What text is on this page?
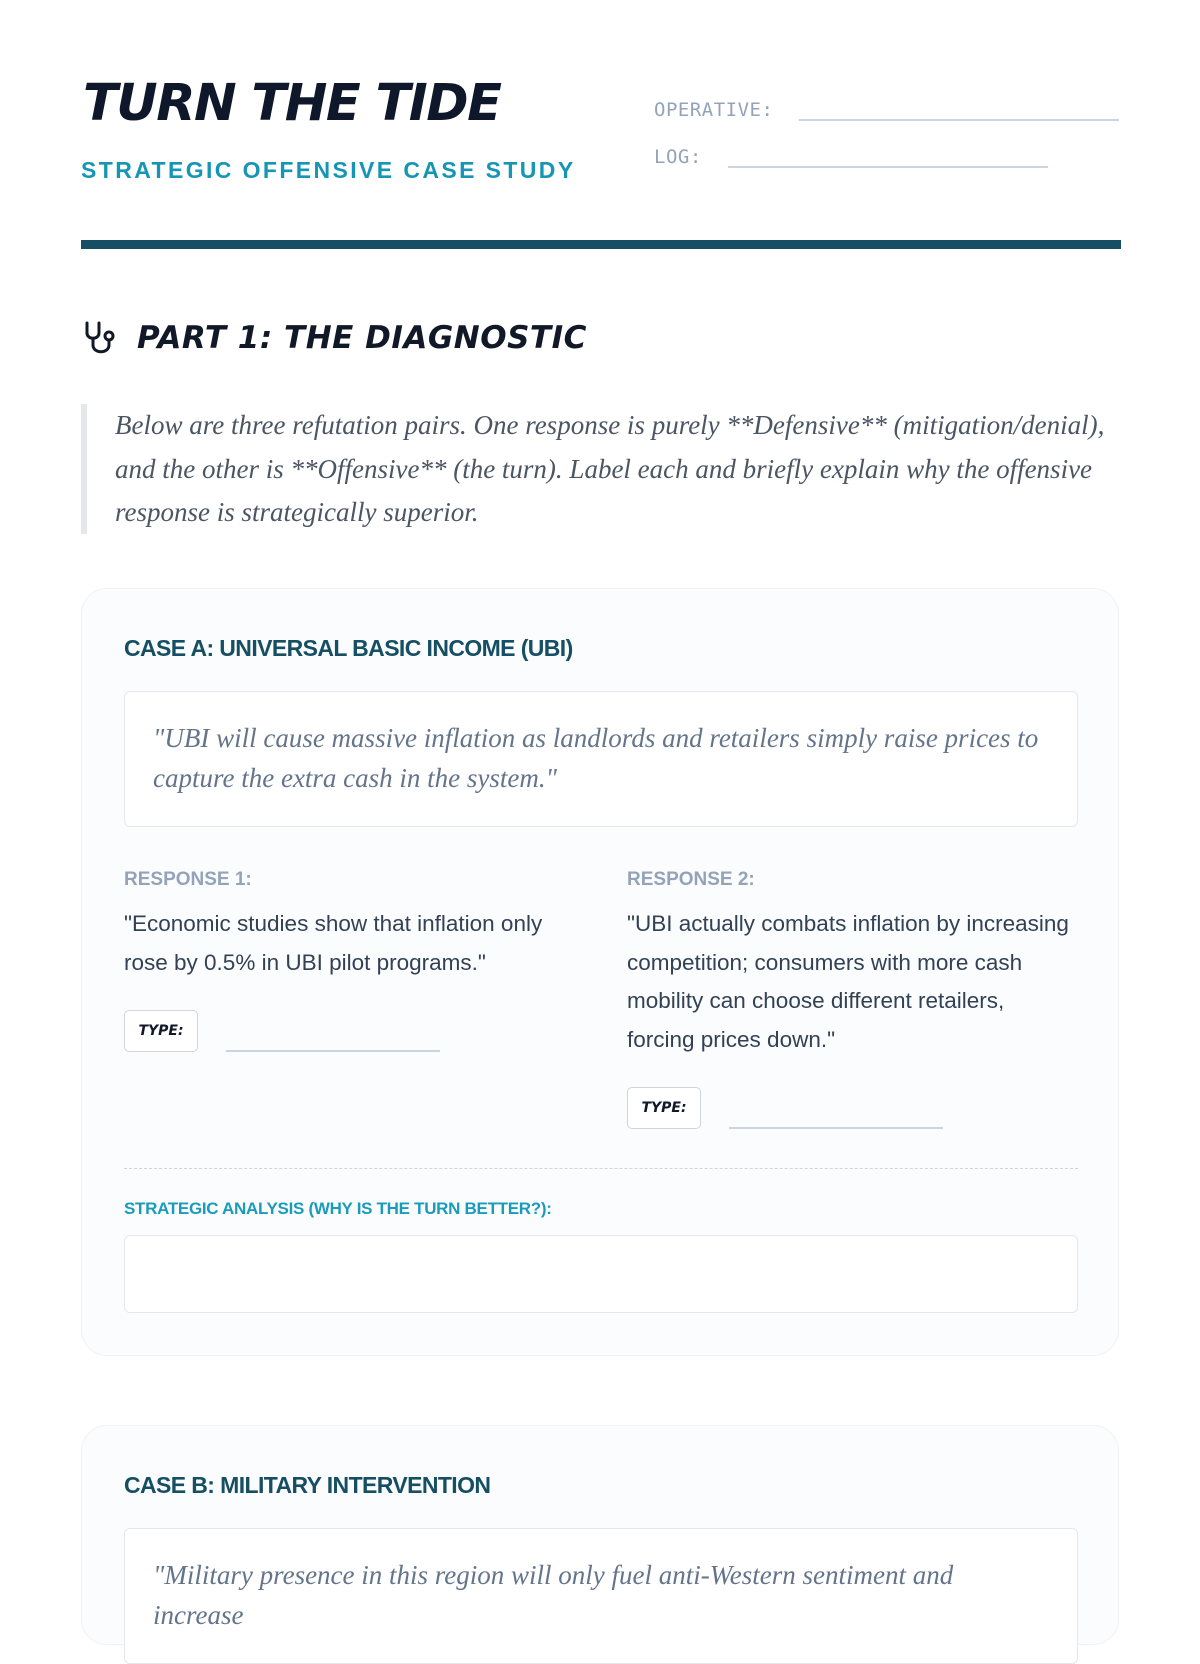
TURN THE TIDE
STRATEGIC OFFENSIVE CASE STUDY
OPERATIVE:
LOG:
PART 1: THE DIAGNOSTIC

Below are three refutation pairs. One response is purely **Defensive** (mitigation/denial), and the other is **Offensive** (the turn). Label each and briefly explain why the offensive response is strategically superior.

CASE A: UNIVERSAL BASIC INCOME (UBI)

"UBI will cause massive inflation as landlords and retailers simply raise prices to capture the extra cash in the system."

RESPONSE 1:

"Economic studies show that inflation only rose by 0.5% in UBI pilot programs."

TYPE:

RESPONSE 2:

"UBI actually combats inflation by increasing competition; consumers with more cash mobility can choose different retailers, forcing prices down."

TYPE:

STRATEGIC ANALYSIS (WHY IS THE TURN BETTER?):

CASE B: MILITARY INTERVENTION

"Military presence in this region will only fuel anti-Western sentiment and increase
